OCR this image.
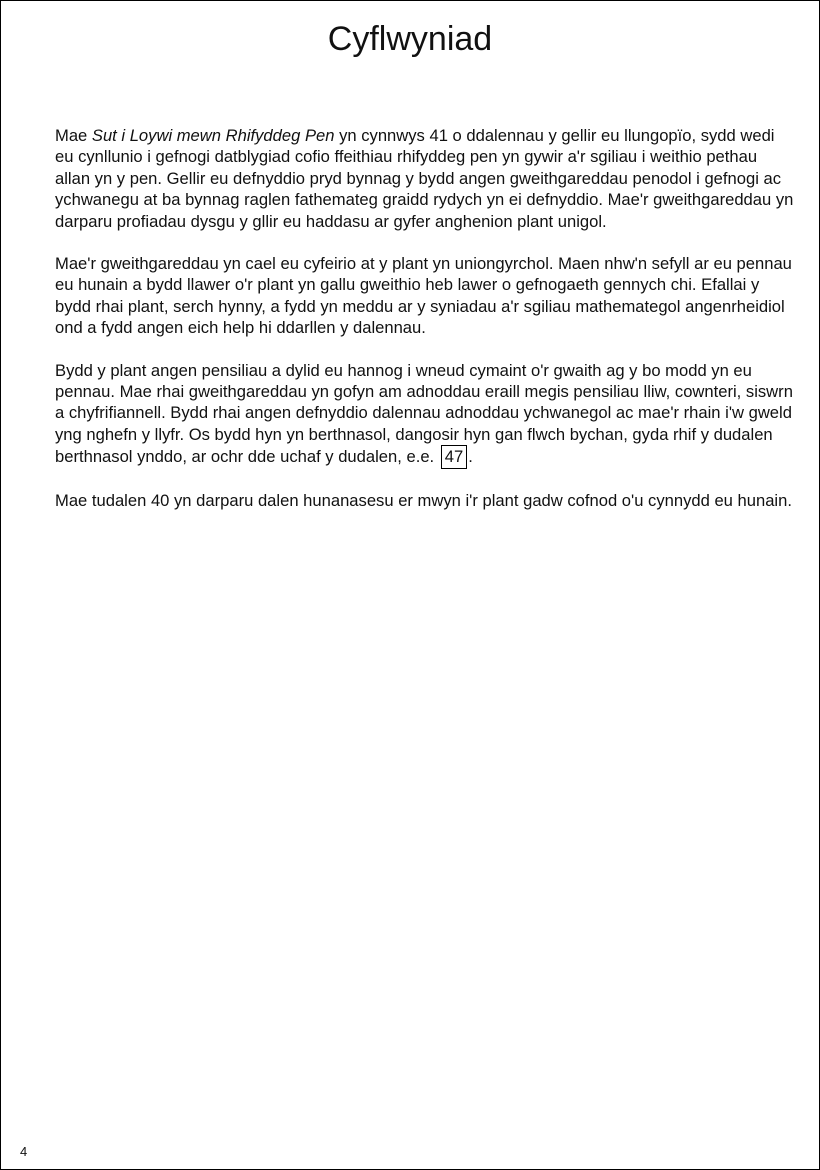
Cyflwyniad

Mae Sut i Loywi mewn Rhifyddeg Pen yn cynnwys 41 o ddalennau y gellir eu llungopïo, sydd wedi eu cynllunio i gefnogi datblygiad cofio ffeithiau rhifyddeg pen yn gywir a'r sgiliau i weithio pethau allan yn y pen. Gellir eu defnyddio pryd bynnag y bydd angen gweithgareddau penodol i gefnogi ac ychwanegu at ba bynnag raglen fathemateg graidd rydych yn ei defnyddio. Mae'r gweithgareddau yn darparu profiadau dysgu y gllir eu haddasu ar gyfer anghenion plant unigol.

Mae'r gweithgareddau yn cael eu cyfeirio at y plant yn uniongyrchol. Maen nhw'n sefyll ar eu pennau eu hunain a bydd llawer o'r plant yn gallu gweithio heb lawer o gefnogaeth gennych chi. Efallai y bydd rhai plant, serch hynny, a fydd yn meddu ar y syniadau a'r sgiliau mathemategol angenrheidiol ond a fydd angen eich help hi ddarllen y dalennau.

Bydd y plant angen pensiliau a dylid eu hannog i wneud cymaint o'r gwaith ag y bo modd yn eu pennau. Mae rhai gweithgareddau yn gofyn am adnoddau eraill megis pensiliau lliw, cownteri, siswrn a chyfrifiannell. Bydd rhai angen defnyddio dalennau adnoddau ychwanegol ac mae'r rhain i'w gweld yng nghefn y llyfr. Os bydd hyn yn berthnasol, dangosir hyn gan flwch bychan, gyda rhif y dudalen berthnasol ynddo, ar ochr dde uchaf y dudalen, e.e. 47 .

Mae tudalen 40 yn darparu dalen hunanasesu er mwyn i'r plant gadw cofnod o'u cynnydd eu hunain.

4
